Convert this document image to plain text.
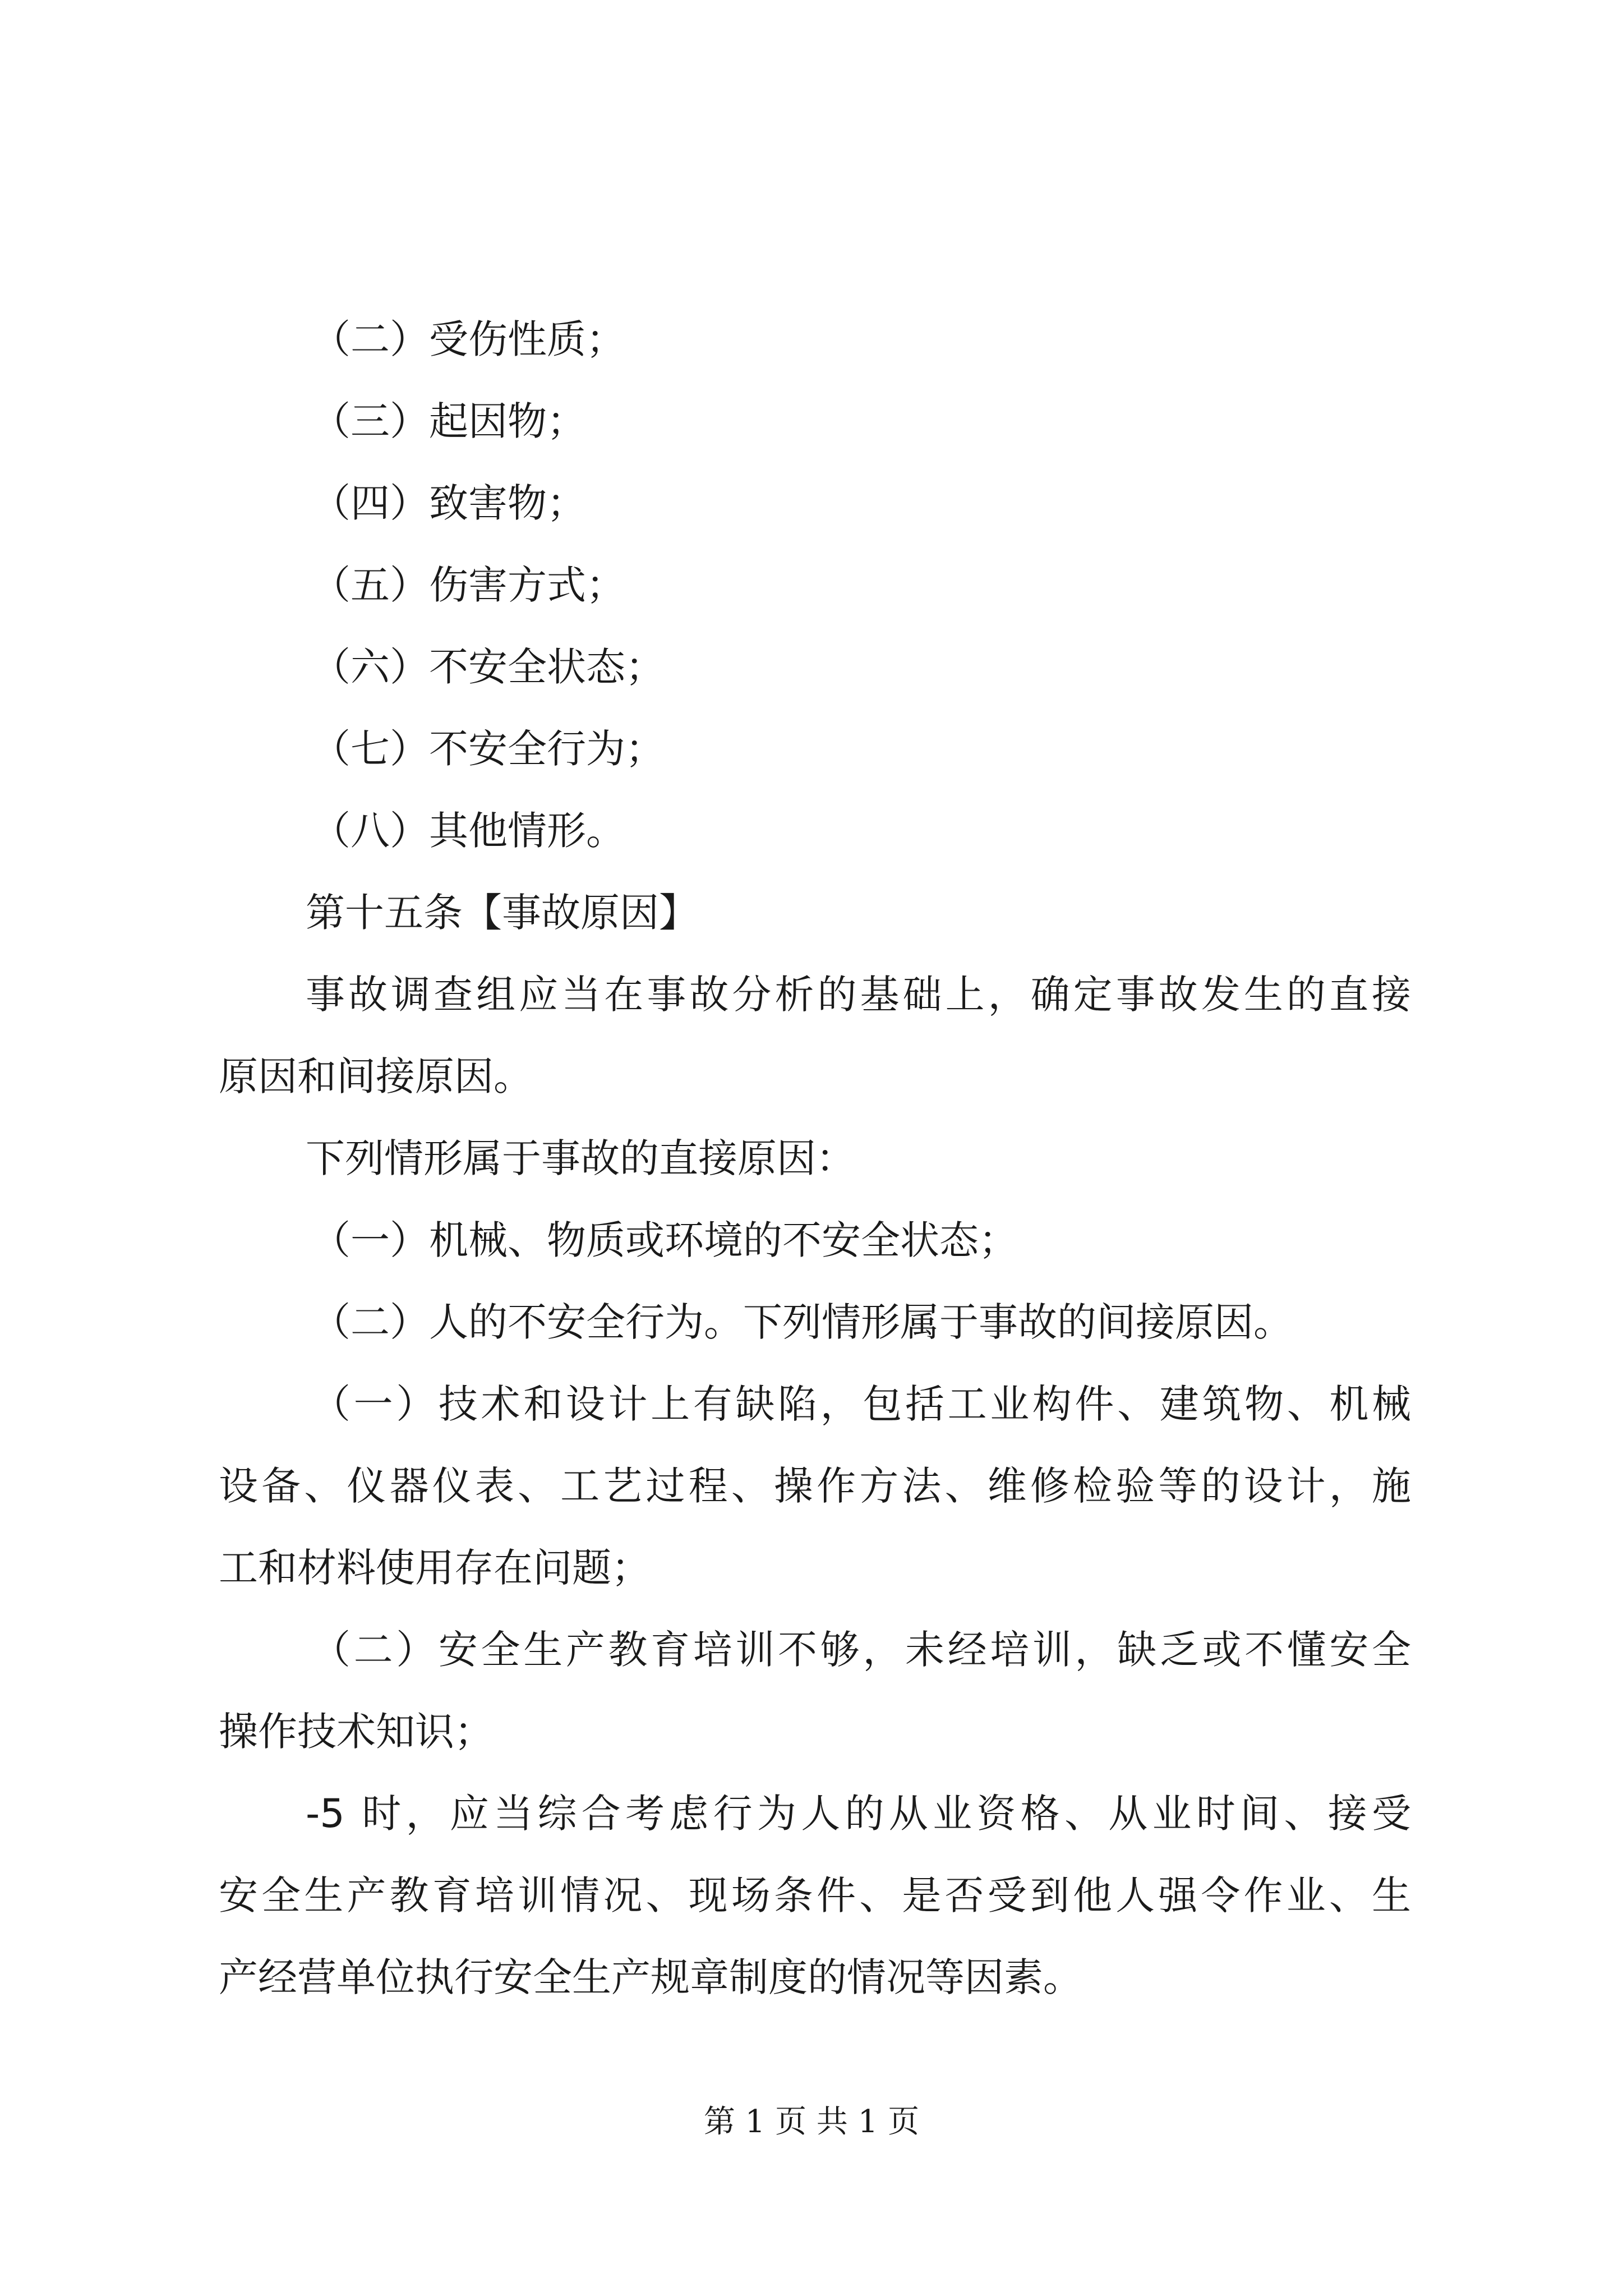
（二）受伤性质；
（三）起因物；
（四）致害物；
（五）伤害方式；
（六）不安全状态；
（七）不安全行为；
（八）其他情形。
第十五条【事故原因】
事故调查组应当在事故分析的基础上，确定事故发生的直接
原因和间接原因。
下列情形属于事故的直接原因：
（一）机械、物质或环境的不安全状态；
（二）人的不安全行为。下列情形属于事故的间接原因。
（一）技术和设计上有缺陷，包括工业构件、建筑物、机械
设备、仪器仪表、工艺过程、操作方法、维修检验等的设计，施
工和材料使用存在问题；
（二）安全生产教育培训不够，未经培训，缺乏或不懂安全
操作技术知识；
-5 时，应当综合考虑行为人的从业资格、从业时间、接受
安全生产教育培训情况、现场条件、是否受到他人强令作业、生
产经营单位执行安全生产规章制度的情况等因素。
第 1 页 共 1 页
